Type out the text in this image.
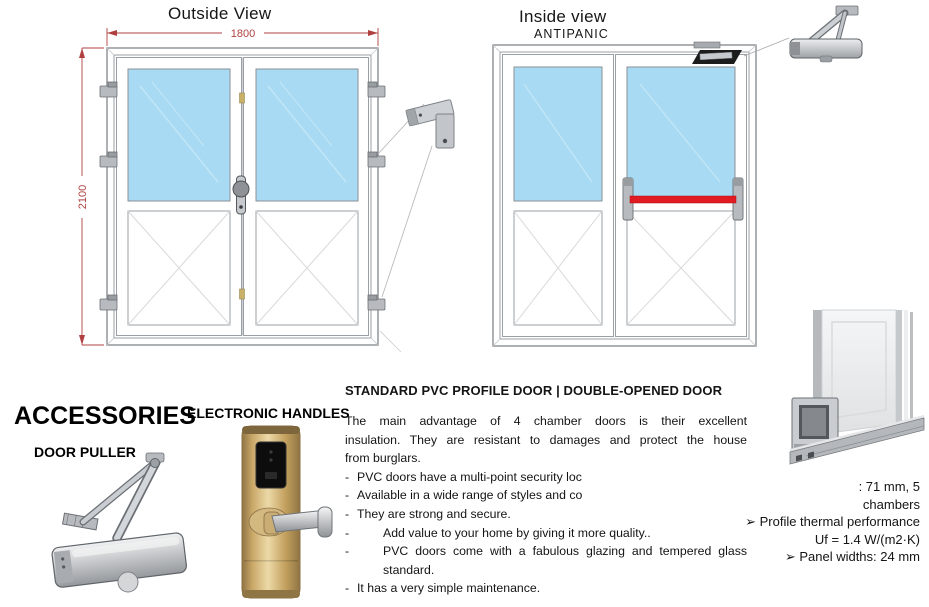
1800
2100
Outside View	Inside view
ANTIPANIC
ACCESSORIES
DOOR PULLER
ELECTRONIC HANDLES
STANDARD PVC PROFILE DOOR | DOUBLE-OPENED DOOR
The main advantage of 4 chamber doors is their excellent
insulation. They are resistant to damages and protect the house
from burglars.
- PVC doors have a multi-point security loc
- Available in a wide range of styles and co
- They are strong and secure.
-	Add value to your home by giving it more quality..
-	PVC doors come with a fabulous glazing and tempered glass
standard.
- It has a very simple maintenance.
: 71 mm, 5
chambers
➢ Profile thermal performance
Uf = 1.4 W/(m2·K)
➢ Panel widths: 24 mm
